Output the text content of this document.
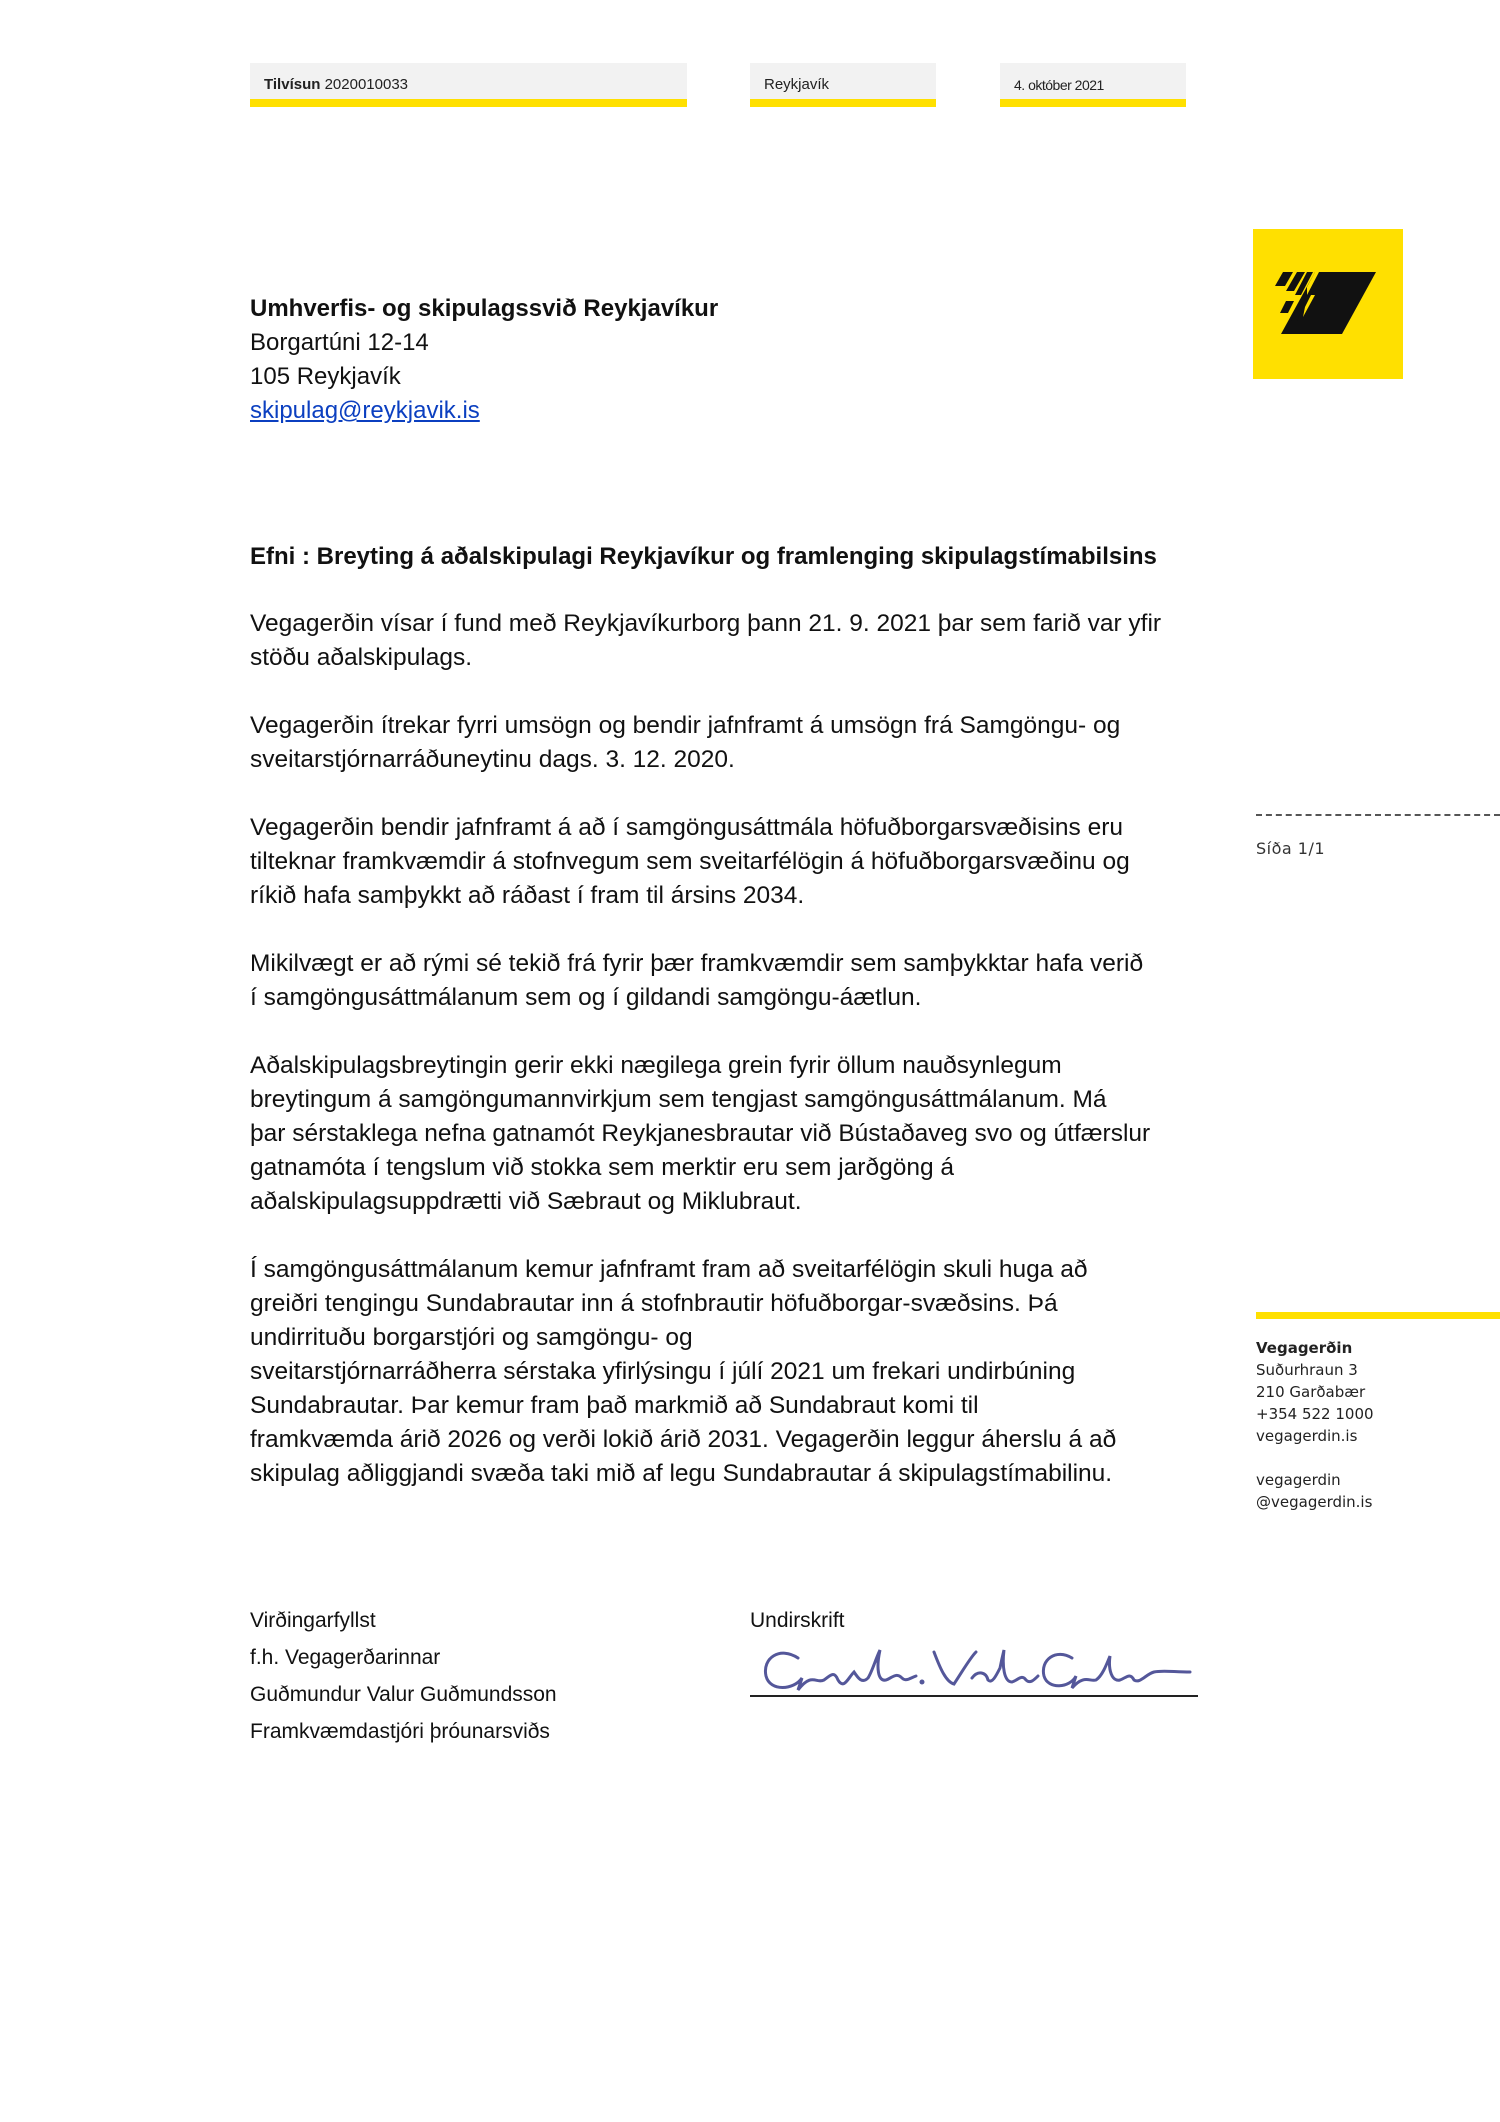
Tilvísun 2020010033	Reykjavík	4. október 2021
Umhverfis- og skipulagssvið Reykjavíkur
Borgartúni 12-14
105 Reykjavík
skipulag@reykjavik.is
Efni : Breyting á aðalskipulagi Reykjavíkur og framlenging skipulagstímabilsins

Vegagerðin vísar í fund með Reykjavíkurborg þann 21. 9. 2021 þar sem farið var yfir
stöðu aðalskipulags.

Vegagerðin ítrekar fyrri umsögn og bendir jafnframt á umsögn frá Samgöngu- og
sveitarstjórnarráðuneytinu dags. 3. 12. 2020.

Vegagerðin bendir jafnframt á að í samgöngusáttmála höfuðborgarsvæðisins eru
tilteknar framkvæmdir á stofnvegum sem sveitarfélögin á höfuðborgarsvæðinu og
ríkið hafa samþykkt að ráðast í fram til ársins 2034.

Mikilvægt er að rými sé tekið frá fyrir þær framkvæmdir sem samþykktar hafa verið
í samgöngusáttmálanum sem og í gildandi samgöngu-áætlun.

Aðalskipulagsbreytingin gerir ekki nægilega grein fyrir öllum nauðsynlegum
breytingum á samgöngumannvirkjum sem tengjast samgöngusáttmálanum. Má
þar sérstaklega nefna gatnamót Reykjanesbrautar við Bústaðaveg svo og útfærslur
gatnamóta í tengslum við stokka sem merktir eru sem jarðgöng á
aðalskipulagsuppdrætti við Sæbraut og Miklubraut.

Í samgöngusáttmálanum kemur jafnframt fram að sveitarfélögin skuli huga að
greiðri tengingu Sundabrautar inn á stofnbrautir höfuðborgar-svæðsins. Þá
undirrituðu borgarstjóri og samgöngu- og
sveitarstjórnarráðherra sérstaka yfirlýsingu í júlí 2021 um frekari undirbúning
Sundabrautar. Þar kemur fram það markmið að Sundabraut komi til
framkvæmda árið 2026 og verði lokið árið 2031. Vegagerðin leggur áherslu á að
skipulag aðliggjandi svæða taki mið af legu Sundabrautar á skipulagstímabilinu.

Síða 1/1
Vegagerðin
Suðurhraun 3
210 Garðabær
+354 522 1000
vegagerdin.is
vegagerdin
@vegagerdin.is
Virðingarfyllst
f.h. Vegagerðarinnar
Guðmundur Valur Guðmundsson
Framkvæmdastjóri þróunarsviðs
Undirskrift
